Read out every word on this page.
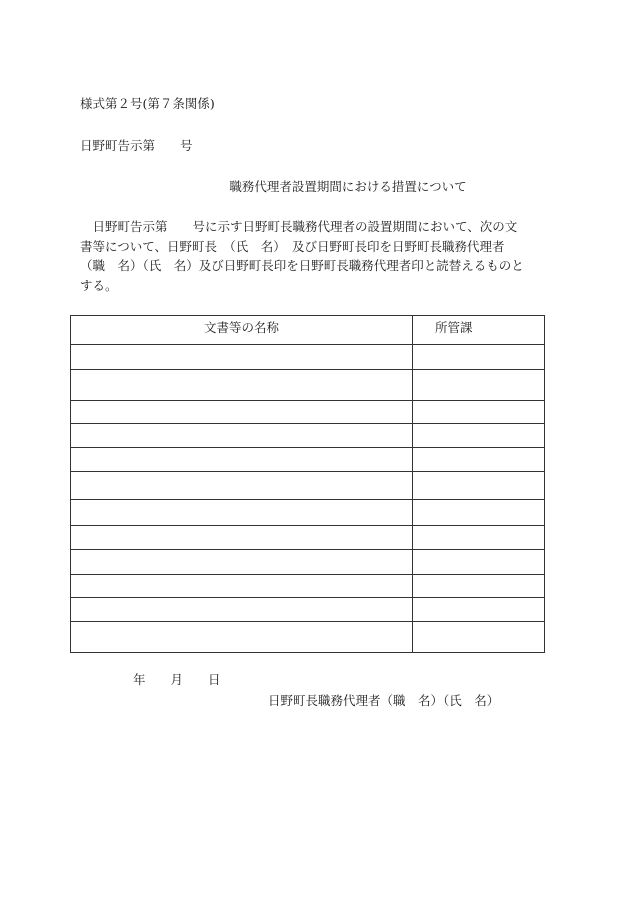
様式第２号(第７条関係)
日野町告示第　　号
職務代理者設置期間における措置について
　日野町告示第　　号に示す日野町長職務代理者の設置期間において、次の文
書等について、日野町長　（氏　名）　及び日野町長印を日野町長職務代理者
（職　名）（氏　名）及び日野町長印を日野町長職務代理者印と読替えるものと
する。
文書等の名称	所管課

年　　月　　日
日野町長職務代理者（職　名）（氏　名）
